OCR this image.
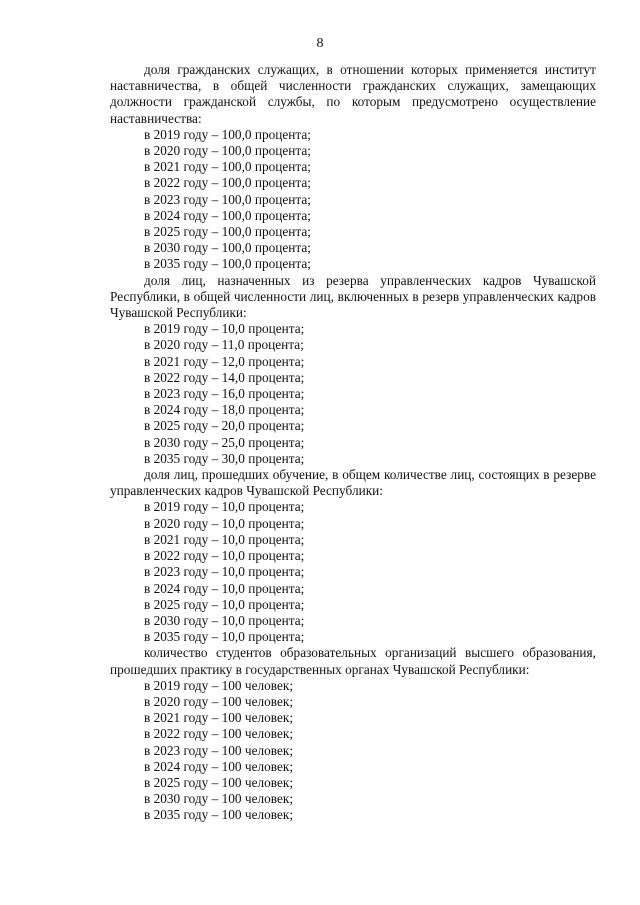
8

доля гражданских служащих, в отношении которых применяется институт наставничества, в общей численности гражданских служащих, замещающих должности гражданской службы, по которым предусмотрено осуществление наставничества:

в 2019 году – 100,0 процента;

в 2020 году – 100,0 процента;

в 2021 году – 100,0 процента;

в 2022 году – 100,0 процента;

в 2023 году – 100,0 процента;

в 2024 году – 100,0 процента;

в 2025 году – 100,0 процента;

в 2030 году – 100,0 процента;

в 2035 году – 100,0 процента;

доля лиц, назначенных из резерва управленческих кадров Чувашской Республики, в общей численности лиц, включенных в резерв управленческих кадров Чувашской Республики:

в 2019 году – 10,0 процента;

в 2020 году – 11,0 процента;

в 2021 году – 12,0 процента;

в 2022 году – 14,0 процента;

в 2023 году – 16,0 процента;

в 2024 году – 18,0 процента;

в 2025 году – 20,0 процента;

в 2030 году – 25,0 процента;

в 2035 году – 30,0 процента;

доля лиц, прошедших обучение, в общем количестве лиц, состоящих в резерве управленческих кадров Чувашской Республики:

в 2019 году – 10,0 процента;

в 2020 году – 10,0 процента;

в 2021 году – 10,0 процента;

в 2022 году – 10,0 процента;

в 2023 году – 10,0 процента;

в 2024 году – 10,0 процента;

в 2025 году – 10,0 процента;

в 2030 году – 10,0 процента;

в 2035 году – 10,0 процента;

количество студентов образовательных организаций высшего образования, прошедших практику в государственных органах Чувашской Республики:

в 2019 году – 100 человек;

в 2020 году – 100 человек;

в 2021 году – 100 человек;

в 2022 году – 100 человек;

в 2023 году – 100 человек;

в 2024 году – 100 человек;

в 2025 году – 100 человек;

в 2030 году – 100 человек;

в 2035 году – 100 человек;
